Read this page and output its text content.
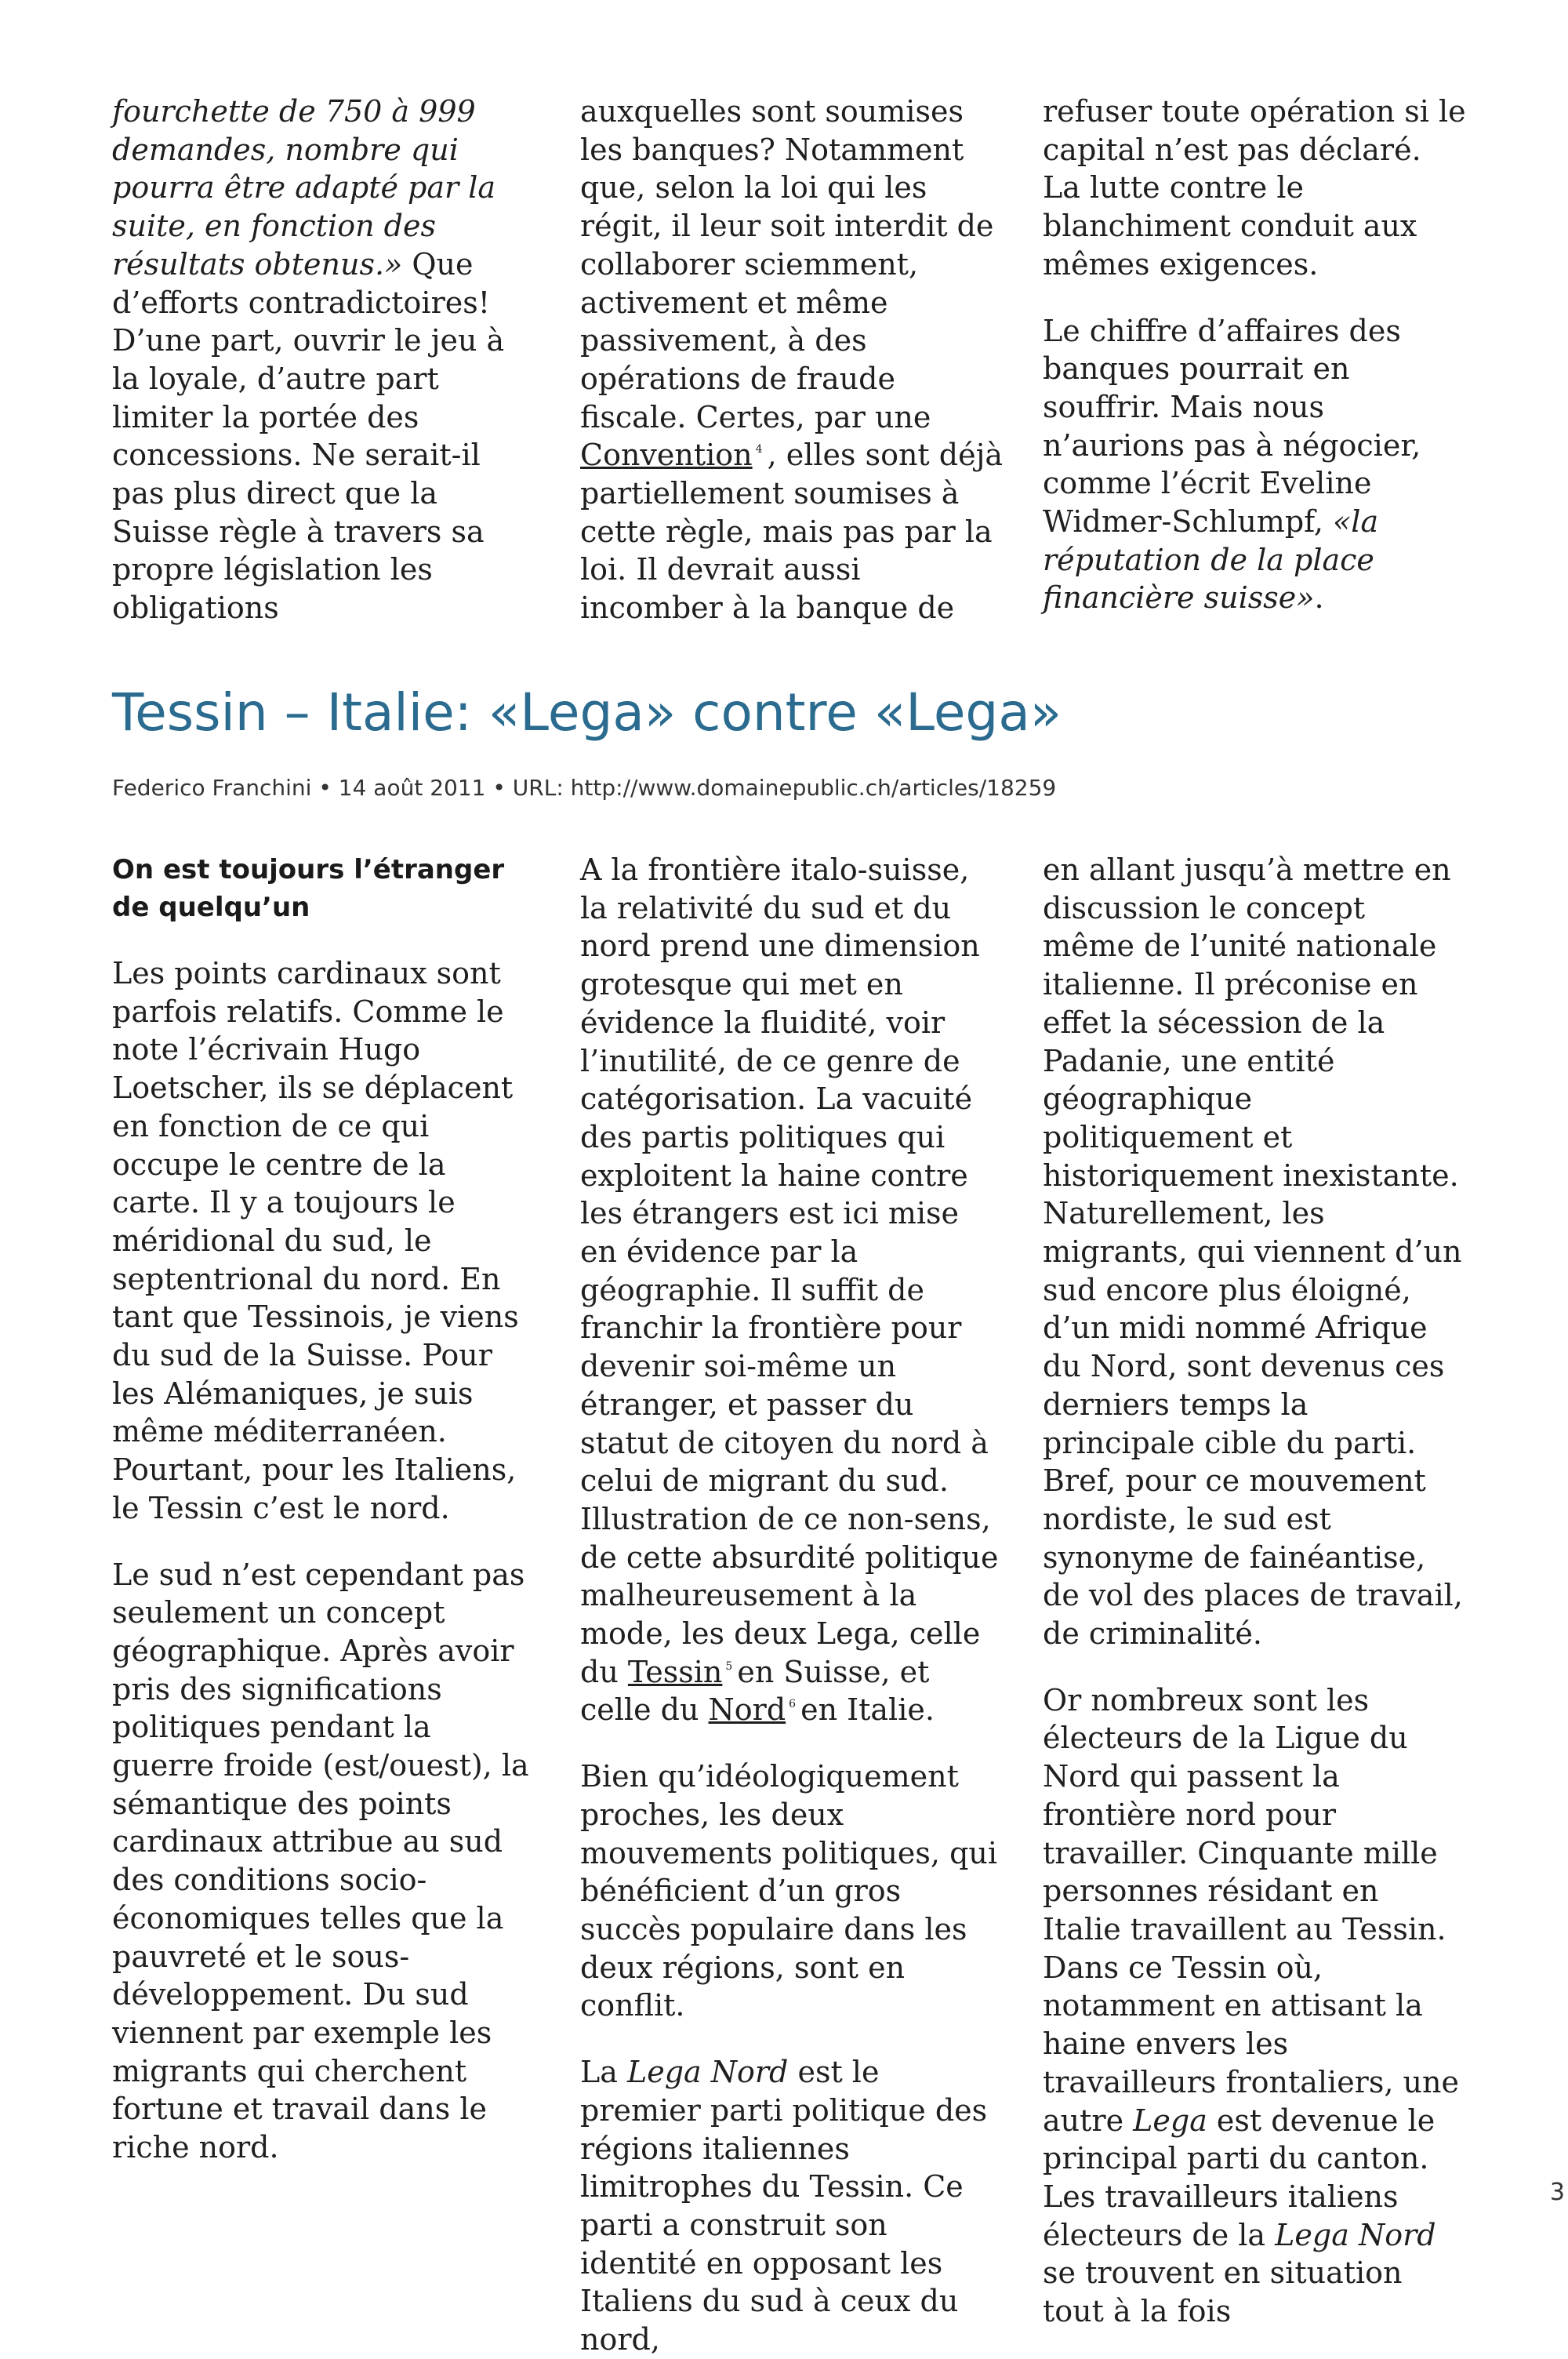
fourchette de 750 à 999 demandes, nombre qui pourra être adapté par la suite, en fonction des résultats obtenus.» Que d’efforts contradictoires! D’une part, ouvrir le jeu à la loyale, d’autre part limiter la portée des concessions. Ne serait-il pas plus direct que la Suisse règle à travers sa propre législation les obligations

auxquelles sont soumises les banques? Notamment que, selon la loi qui les régit, il leur soit interdit de collaborer sciemment, activement et même passivement, à des opérations de fraude fiscale. Certes, par une Convention $^4$ , elles sont déjà partiellement soumises à cette règle, mais pas par la loi. Il devrait aussi incomber à la banque de

refuser toute opération si le capital n’est pas déclaré. La lutte contre le blanchiment conduit aux mêmes exigences.

Le chiffre d’affaires des banques pourrait en souffrir. Mais nous n’aurions pas à négocier, comme l’écrit Eveline Widmer-Schlumpf, «la réputation de la place financière suisse».

Tessin – Italie: «Lega» contre «Lega»
Federico Franchini • 14 août 2011 • URL: http://www.domainepublic.ch/articles/18259
On est toujours l’étranger de quelqu’un

Les points cardinaux sont parfois relatifs. Comme le note l’écrivain Hugo Loetscher, ils se déplacent en fonction de ce qui occupe le centre de la carte. Il y a toujours le méridional du sud, le septentrional du nord. En tant que Tessinois, je viens du sud de la Suisse. Pour les Alémaniques, je suis même méditerranéen. Pourtant, pour les Italiens, le Tessin c’est le nord.

Le sud n’est cependant pas seulement un concept géographique. Après avoir pris des significations politiques pendant la guerre froide (est/ouest), la sémantique des points cardinaux attribue au sud des conditions socio-économiques telles que la pauvreté et le sous-développement. Du sud viennent par exemple les migrants qui cherchent fortune et travail dans le riche nord.

A la frontière italo-suisse, la relativité du sud et du nord prend une dimension grotesque qui met en évidence la fluidité, voir l’inutilité, de ce genre de catégorisation. La vacuité des partis politiques qui exploitent la haine contre les étrangers est ici mise en évidence par la géographie. Il suffit de franchir la frontière pour devenir soi-même un étranger, et passer du statut de citoyen du nord à celui de migrant du sud. Illustration de ce non-sens, de cette absurdité politique malheureusement à la mode, les deux Lega, celle du Tessin $^5$ en Suisse, et celle du Nord $^6$ en Italie.

Bien qu’idéologiquement proches, les deux mouvements politiques, qui bénéficient d’un gros succès populaire dans les deux régions, sont en conflit.

La Lega Nord est le premier parti politique des régions italiennes limitrophes du Tessin. Ce parti a construit son identité en opposant les Italiens du sud à ceux du nord,

en allant jusqu’à mettre en discussion le concept même de l’unité nationale italienne. Il préconise en effet la sécession de la Padanie, une entité géographique politiquement et historiquement inexistante. Naturellement, les migrants, qui viennent d’un sud encore plus éloigné, d’un midi nommé Afrique du Nord, sont devenus ces derniers temps la principale cible du parti. Bref, pour ce mouvement nordiste, le sud est synonyme de fainéantise, de vol des places de travail, de criminalité.

Or nombreux sont les électeurs de la Ligue du Nord qui passent la frontière nord pour travailler. Cinquante mille personnes résidant en Italie travaillent au Tessin. Dans ce Tessin où, notamment en attisant la haine envers les travailleurs frontaliers, une autre Lega est devenue le principal parti du canton. Les travailleurs italiens électeurs de la Lega Nord se trouvent en situation tout à la fois

3
